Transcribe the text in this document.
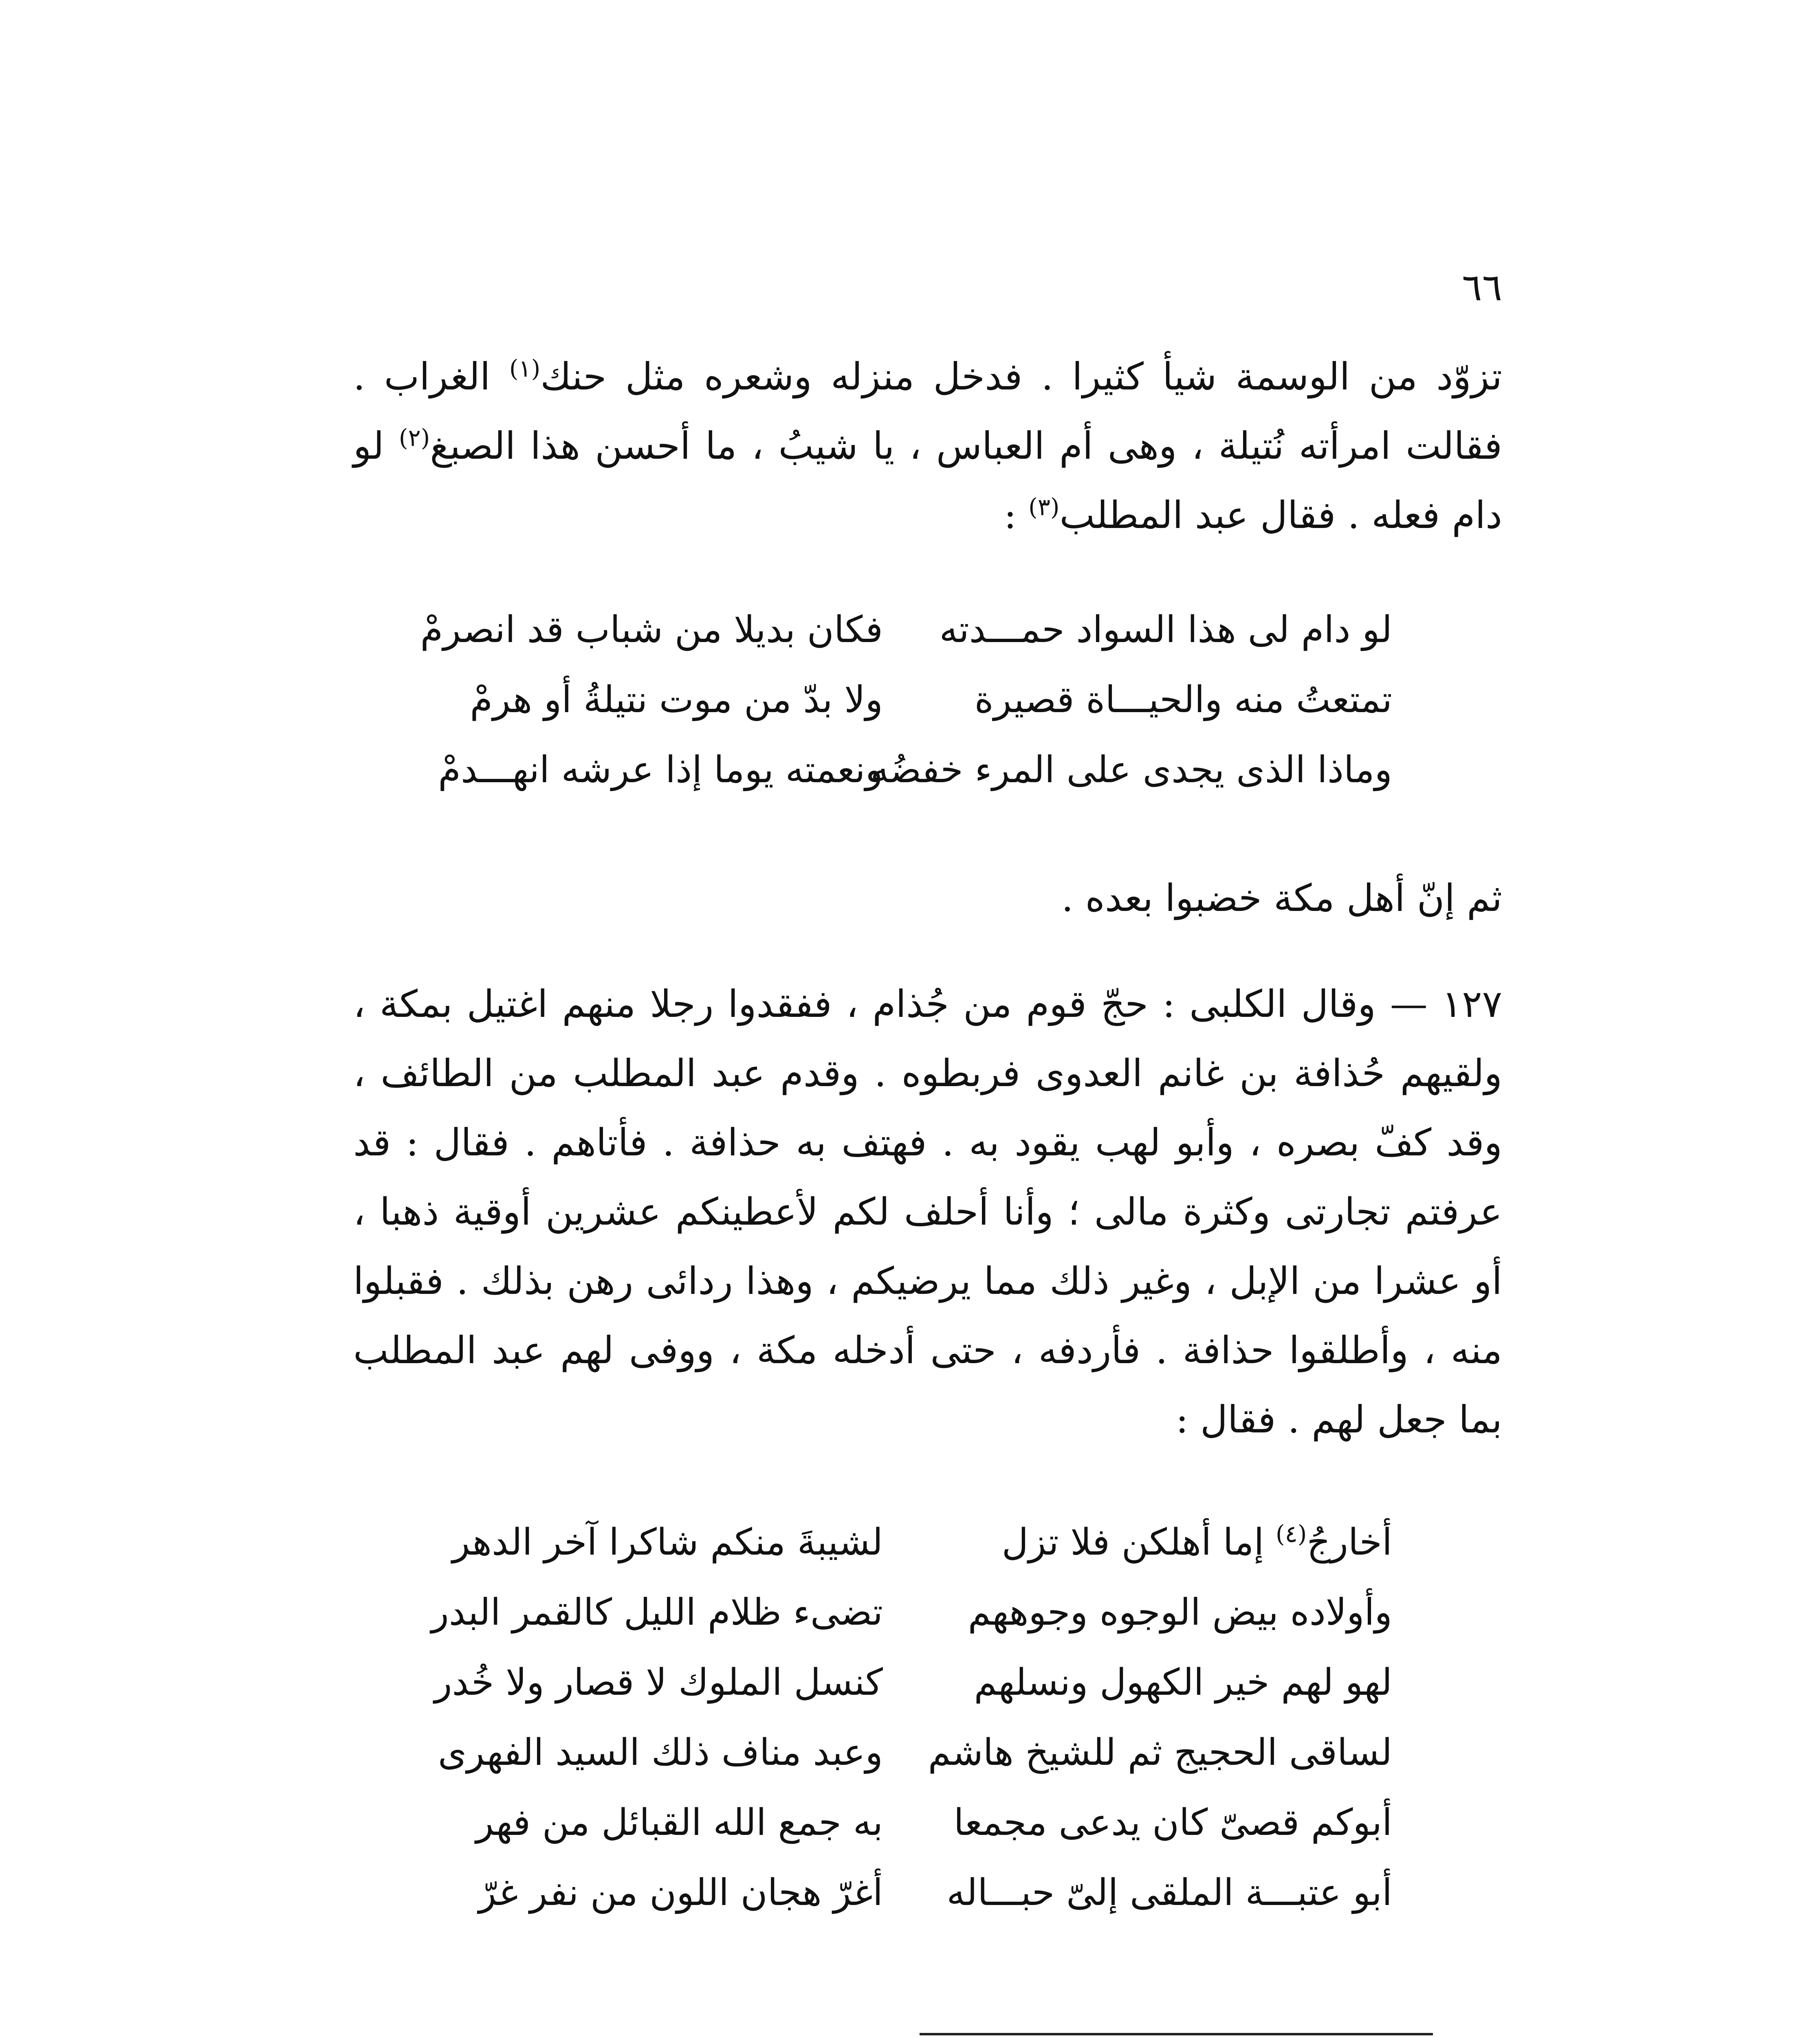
٦٦

تزوّد من الوسمة شيأ كثيرا . فدخل منزله وشعره مثل حنك$^{(١)}$ الغراب . فقالت امرأته نُتيلة ، وهى أم العباس ، يا شيبُ ، ما أحسن هذا الصبغ$^{(٢)}$ لو دام فعله . فقال عبد المطلب$^{(٣)}$ :

لو دام لى هذا السواد حمـــدته
فكان بديلا من شباب قد انصرمْ
تمتعتُ منه والحيـــاة قصيرة
ولا بدّ من موت نتيلةُ أو هرمْ
وماذا الذى يجدى على المرء خفضُه
ونعمته يوما إذا عرشه انهـــدمْ

ثم إنّ أهل مكة خضبوا بعده .

١٢٧ — وقال الكلبى : حجّ قوم من جُذام ، ففقدوا رجلا منهم اغتيل بمكة ، ولقيهم حُذافة بن غانم العدوى فربطوه . وقدم عبد المطلب من الطائف ، وقد كفّ بصره ، وأبو لهب يقود به . فهتف به حذافة . فأتاهم . فقال : قد عرفتم تجارتى وكثرة مالى ؛ وأنا أحلف لكم لأعطينكم عشرين أوقية ذهبا ، أو عشرا من الإبل ، وغير ذلك مما يرضيكم ، وهذا ردائى رهن بذلك . فقبلوا منه ، وأطلقوا حذافة . فأردفه ، حتى أدخله مكة ، ووفى لهم عبد المطلب بما جعل لهم . فقال :

أخارجُ$^{(٤)}$ إما أهلكن فلا تزل
لشيبةَ منكم شاكرا آخر الدهر
وأولاده بيض الوجوه وجوههم
تضىء ظلام الليل كالقمر البدر
لهو لهم خير الكهول ونسلهم
كنسل الملوك لا قصار ولا خُدر
لساقى الحجيج ثم للشيخ هاشم
وعبد مناف ذلك السيد الفهرى
أبوكم قصىّ كان يدعى مجمعا
به جمع الله القبائل من فهر
أبو عتبـــة الملقى إلىّ حبـــاله
أغرّ هجان اللون من نفر غرّ
